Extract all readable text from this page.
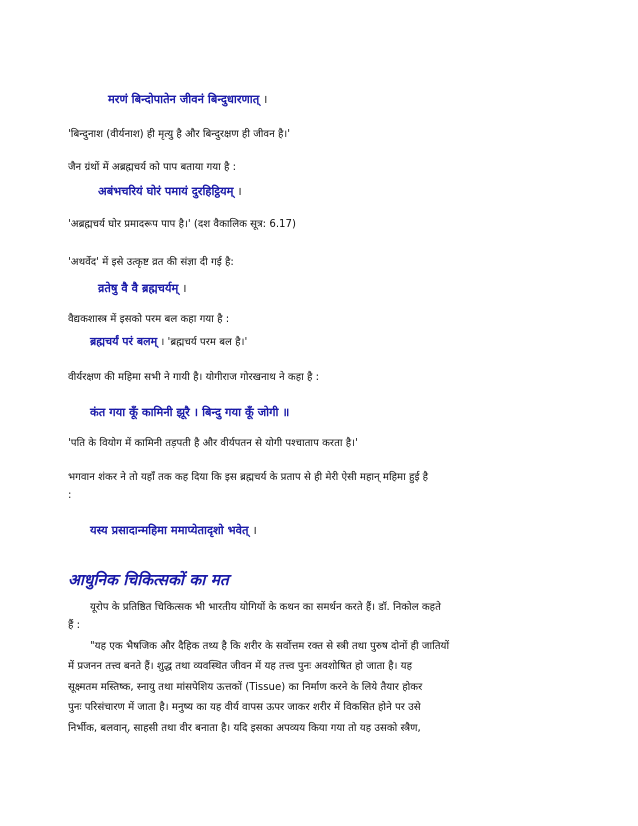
मरणं बिन्दोपातेन जीवनं बिन्दुधारणात् ।

'बिन्दुनाश (वीर्यनाश) ही मृत्यु है और बिन्दुरक्षण ही जीवन है।'

जैन ग्रंथों में अब्रह्मचर्य को पाप बताया गया है :

अबंभचरियं घोरं पमायं दुरहिट्ठियम् ।

'अब्रह्मचर्य घोर प्रमादरूप पाप है।' (दश वैकालिक सूत्र: 6.17)

'अथर्वेद' में इसे उत्कृष्ट व्रत की संज्ञा दी गई है:

व्रतेषु वै वै ब्रह्मचर्यम् ।

वैद्यकशास्त्र में इसको परम बल कहा गया है :

ब्रह्मचर्यं परं बलम् । 'ब्रह्मचर्य परम बल है।'

वीर्यरक्षण की महिमा सभी ने गायी है। योगीराज गोरखनाथ ने कहा है :

कंत गया कूँ कामिनी झूरै । बिन्दु गया कूँ जोगी ॥

'पति के वियोग में कामिनी तड़पती है और वीर्यपतन से योगी पश्चाताप करता है।'

भगवान शंकर ने तो यहाँ तक कह दिया कि इस ब्रह्मचर्य के प्रताप से ही मेरी ऐसी महान् महिमा हुई है

:

यस्य प्रसादान्महिमा ममाप्येतादृशो भवेत् ।
आधुनिक चिकित्सकों का मत

यूरोप के प्रतिष्ठित चिकित्सक भी भारतीय योगियों के कथन का समर्थन करते हैं। डॉ. निकोल कहते

हैं :

"यह एक भैषजिक और दैहिक तथ्य है कि शरीर के सर्वोत्तम रक्त से स्त्री तथा पुरुष दोनों ही जातियों

में प्रजनन तत्त्व बनते हैं। शुद्ध तथा व्यवस्थित जीवन में यह तत्त्व पुनः अवशोषित हो जाता है। यह

सूक्ष्मतम मस्तिष्क, स्नायु तथा मांसपेशिय ऊत्तकों (Tissue) का निर्माण करने के लिये तैयार होकर

पुनः परिसंचारण में जाता है। मनुष्य का यह वीर्य वापस ऊपर जाकर शरीर में विकसित होने पर उसे

निर्भीक, बलवान्, साहसी तथा वीर बनाता है। यदि इसका अपव्यय किया गया तो यह उसको स्त्रैण,
